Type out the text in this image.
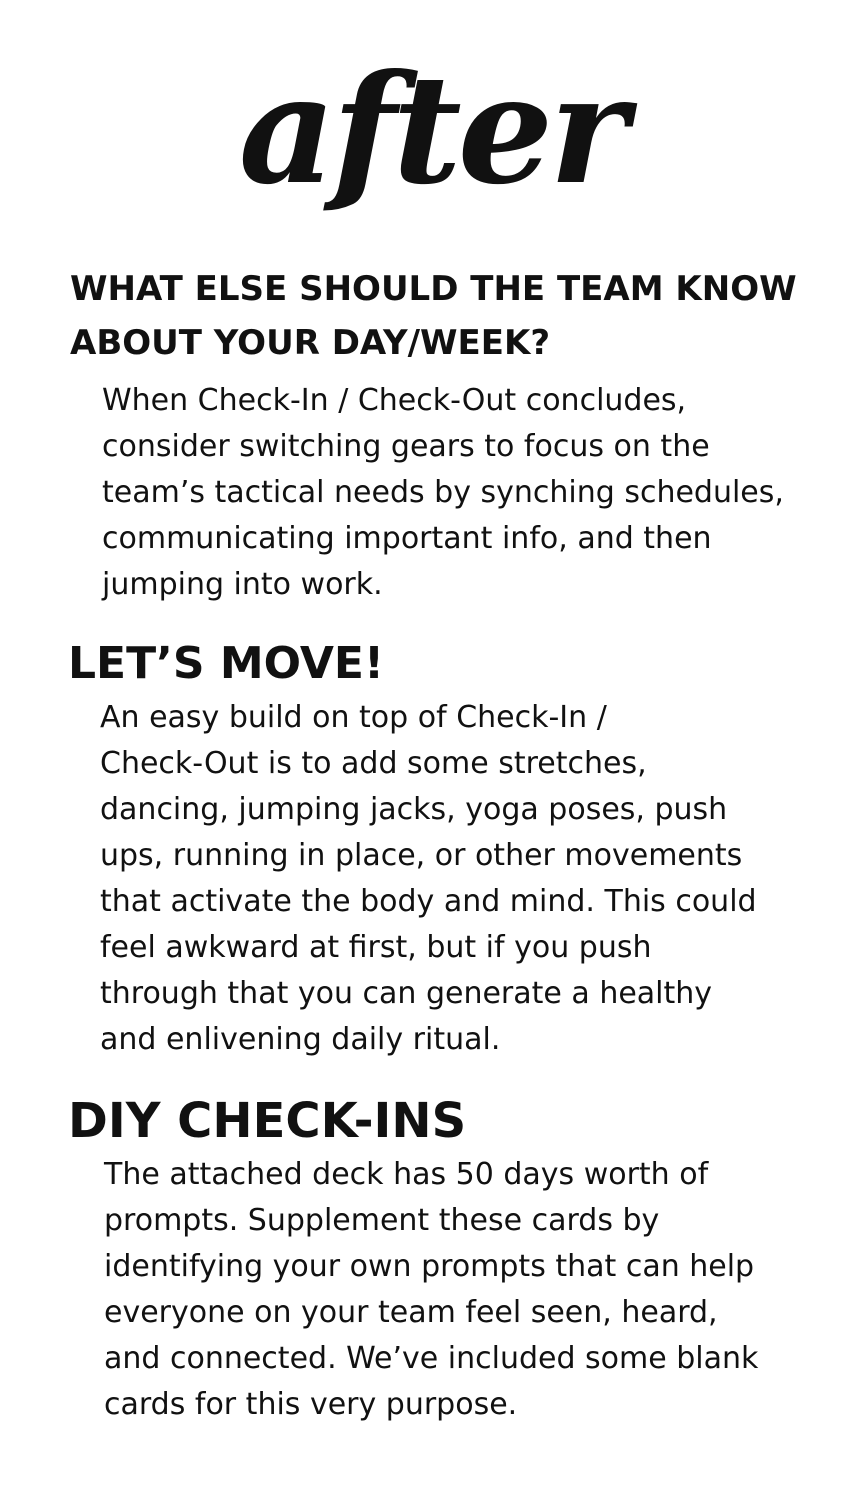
after
WHAT ELSE SHOULD THE TEAM KNOW
ABOUT YOUR DAY/WEEK?

When Check-In / Check-Out concludes,
consider switching gears to focus on the
team’s tactical needs by synching schedules,
communicating important info, and then
jumping into work.

LET’S MOVE!

An easy build on top of Check-In /
Check-Out is to add some stretches,
dancing, jumping jacks, yoga poses, push
ups, running in place, or other movements
that activate the body and mind. This could
feel awkward at first, but if you push
through that you can generate a healthy
and enlivening daily ritual.

DIY CHECK-INS

The attached deck has 50 days worth of
prompts. Supplement these cards by
identifying your own prompts that can help
everyone on your team feel seen, heard,
and connected. We’ve included some blank
cards for this very purpose.
